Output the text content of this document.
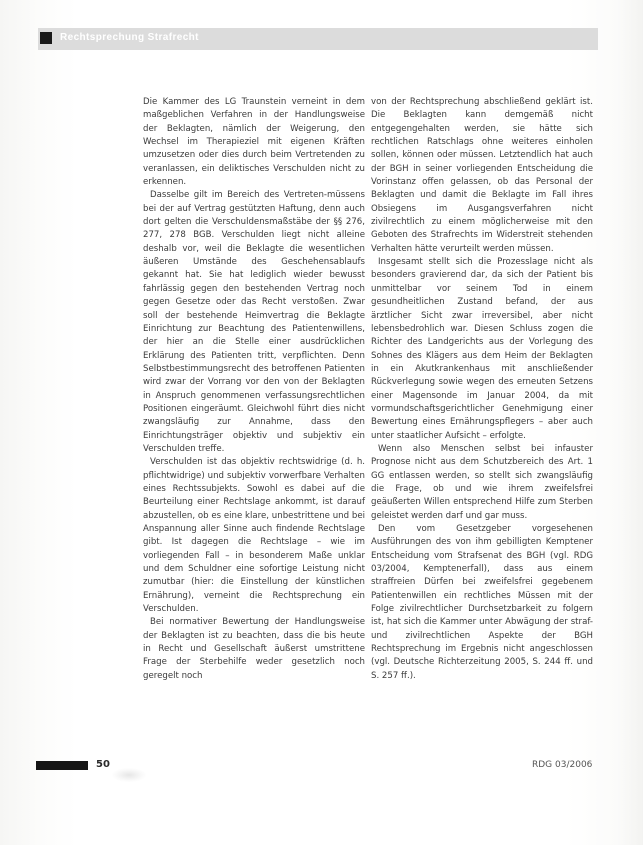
Rechtsprechung Strafrecht

Die Kammer des LG Traunstein verneint in dem maßgeblichen Verfahren in der Handlungsweise der Beklagten, nämlich der Weigerung, den Wechsel im Therapieziel mit eigenen Kräften umzusetzen oder dies durch beim Vertretenden zu veranlassen, ein deliktisches Verschulden nicht zu erkennen.

Dasselbe gilt im Bereich des Vertreten-müssens bei der auf Vertrag gestützten Haftung, denn auch dort gelten die Verschuldensmaßstäbe der §§ 276, 277, 278 BGB. Verschulden liegt nicht alleine deshalb vor, weil die Beklagte die wesentlichen äußeren Umstände des Geschehensablaufs gekannt hat. Sie hat lediglich wieder bewusst fahrlässig gegen den bestehenden Vertrag noch gegen Gesetze oder das Recht verstoßen. Zwar soll der bestehende Heimvertrag die Beklagte Einrichtung zur Beachtung des Patientenwillens, der hier an die Stelle einer ausdrücklichen Erklärung des Patienten tritt, verpflichten. Denn Selbstbestimmungsrecht des betroffenen Patienten wird zwar der Vorrang vor den von der Beklagten in Anspruch genommenen verfassungsrechtlichen Positionen eingeräumt. Gleichwohl führt dies nicht zwangsläufig zur Annahme, dass den Einrichtungsträger objektiv und subjektiv ein Verschulden treffe.

Verschulden ist das objektiv rechtswidrige (d. h. pflichtwidrige) und subjektiv vorwerfbare Verhalten eines Rechtssubjekts. Sowohl es dabei auf die Beurteilung einer Rechtslage ankommt, ist darauf abzustellen, ob es eine klare, unbestrittene und bei Anspannung aller Sinne auch findende Rechtslage gibt. Ist dagegen die Rechtslage – wie im vorliegenden Fall – in besonderem Maße unklar und dem Schuldner eine sofortige Leistung nicht zumutbar (hier: die Einstellung der künstlichen Ernährung), verneint die Rechtsprechung ein Verschulden.

Bei normativer Bewertung der Handlungsweise der Beklagten ist zu beachten, dass die bis heute in Recht und Gesellschaft äußerst umstrittene Frage der Sterbehilfe weder gesetzlich noch geregelt noch

von der Rechtsprechung abschließend geklärt ist. Die Beklagten kann demgemäß nicht entgegengehalten werden, sie hätte sich rechtlichen Ratschlags ohne weiteres einholen sollen, können oder müssen. Letztendlich hat auch der BGH in seiner vorliegenden Entscheidung die Vorinstanz offen gelassen, ob das Personal der Beklagten und damit die Beklagte im Fall ihres Obsiegens im Ausgangsverfahren nicht zivilrechtlich zu einem möglicherweise mit den Geboten des Strafrechts im Widerstreit stehenden Verhalten hätte verurteilt werden müssen.

Insgesamt stellt sich die Prozesslage nicht als besonders gravierend dar, da sich der Patient bis unmittelbar vor seinem Tod in einem gesundheitlichen Zustand befand, der aus ärztlicher Sicht zwar irreversibel, aber nicht lebensbedrohlich war. Diesen Schluss zogen die Richter des Landgerichts aus der Vorlegung des Sohnes des Klägers aus dem Heim der Beklagten in ein Akutkrankenhaus mit anschließender Rückverlegung sowie wegen des erneuten Setzens einer Magensonde im Januar 2004, da mit vormundschaftsgerichtlicher Genehmigung einer Bewertung eines Ernährungspflegers – aber auch unter staatlicher Aufsicht – erfolgte.

Wenn also Menschen selbst bei infauster Prognose nicht aus dem Schutzbereich des Art. 1 GG entlassen werden, so stellt sich zwangsläufig die Frage, ob und wie ihrem zweifelsfrei geäußerten Willen entsprechend Hilfe zum Sterben geleistet werden darf und gar muss.

Den vom Gesetzgeber vorgesehenen Ausführungen des von ihm gebilligten Kemptener Entscheidung vom Strafsenat des BGH (vgl. RDG 03/2004, Kemptenerfall), dass aus einem straffreien Dürfen bei zweifelsfrei gegebenem Patientenwillen ein rechtliches Müssen mit der Folge zivilrechtlicher Durchsetzbarkeit zu folgern ist, hat sich die Kammer unter Abwägung der straf- und zivilrechtlichen Aspekte der BGH Rechtsprechung im Ergebnis nicht angeschlossen (vgl. Deutsche Richterzeitung 2005, S. 244 ff. und S. 257 ff.).

50	RDG 03/2006
